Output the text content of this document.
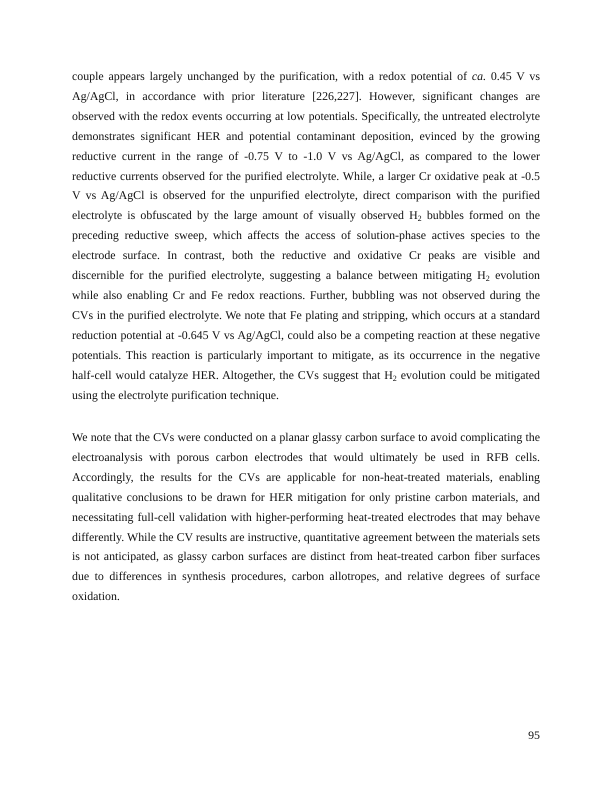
couple appears largely unchanged by the purification, with a redox potential of ca. 0.45 V vs Ag/AgCl, in accordance with prior literature [226,227]. However, significant changes are observed with the redox events occurring at low potentials. Specifically, the untreated electrolyte demonstrates significant HER and potential contaminant deposition, evinced by the growing reductive current in the range of -0.75 V to -1.0 V vs Ag/AgCl, as compared to the lower reductive currents observed for the purified electrolyte. While, a larger Cr oxidative peak at -0.5 V vs Ag/AgCl is observed for the unpurified electrolyte, direct comparison with the purified electrolyte is obfuscated by the large amount of visually observed $H_2$ bubbles formed on the preceding reductive sweep, which affects the access of solution-phase actives species to the electrode surface. In contrast, both the reductive and oxidative Cr peaks are visible and discernible for the purified electrolyte, suggesting a balance between mitigating $H_2$ evolution while also enabling Cr and Fe redox reactions. Further, bubbling was not observed during the CVs in the purified electrolyte. We note that Fe plating and stripping, which occurs at a standard reduction potential at -0.645 V vs Ag/AgCl, could also be a competing reaction at these negative potentials. This reaction is particularly important to mitigate, as its occurrence in the negative half-cell would catalyze HER. Altogether, the CVs suggest that $H_2$ evolution could be mitigated using the electrolyte purification technique.

We note that the CVs were conducted on a planar glassy carbon surface to avoid complicating the electroanalysis with porous carbon electrodes that would ultimately be used in RFB cells. Accordingly, the results for the CVs are applicable for non-heat-treated materials, enabling qualitative conclusions to be drawn for HER mitigation for only pristine carbon materials, and necessitating full-cell validation with higher-performing heat-treated electrodes that may behave differently. While the CV results are instructive, quantitative agreement between the materials sets is not anticipated, as glassy carbon surfaces are distinct from heat-treated carbon fiber surfaces due to differences in synthesis procedures, carbon allotropes, and relative degrees of surface oxidation.

95
